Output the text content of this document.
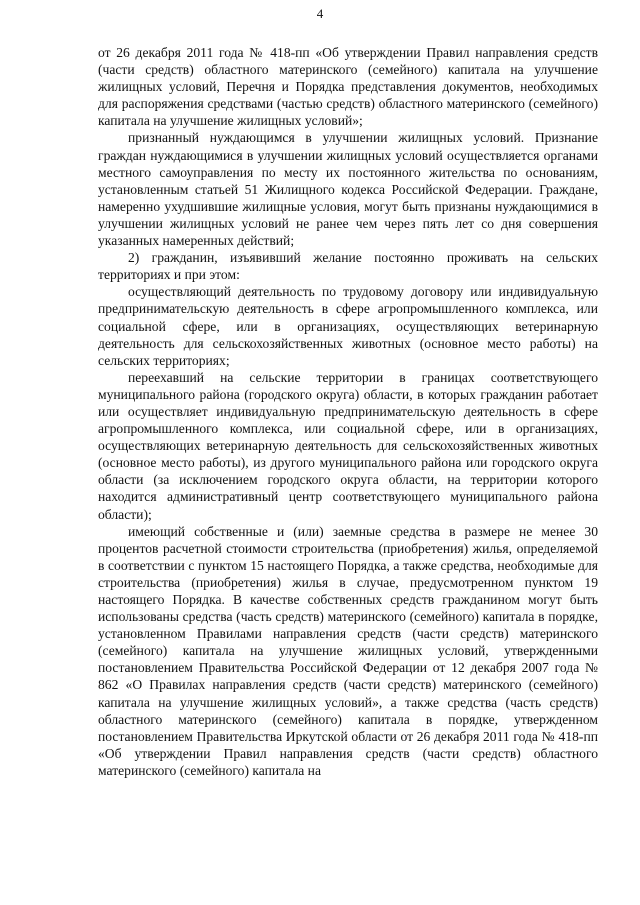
4

от 26 декабря 2011 года № 418-пп «Об утверждении Правил направления средств (части средств) областного материнского (семейного) капитала на улучшение жилищных условий, Перечня и Порядка представления документов, необходимых для распоряжения средствами (частью средств) областного материнского (семейного) капитала на улучшение жилищных условий»;

признанный нуждающимся в улучшении жилищных условий. Признание граждан нуждающимися в улучшении жилищных условий осуществляется органами местного самоуправления по месту их постоянного жительства по основаниям, установленным статьей 51 Жилищного кодекса Российской Федерации. Граждане, намеренно ухудшившие жилищные условия, могут быть признаны нуждающимися в улучшении жилищных условий не ранее чем через пять лет со дня совершения указанных намеренных действий;

2) гражданин, изъявивший желание постоянно проживать на сельских территориях и при этом:

осуществляющий деятельность по трудовому договору или индивидуальную предпринимательскую деятельность в сфере агропромышленного комплекса, или социальной сфере, или в организациях, осуществляющих ветеринарную деятельность для сельскохозяйственных животных (основное место работы) на сельских территориях;

переехавший на сельские территории в границах соответствующего муниципального района (городского округа) области, в которых гражданин работает или осуществляет индивидуальную предпринимательскую деятельность в сфере агропромышленного комплекса, или социальной сфере, или в организациях, осуществляющих ветеринарную деятельность для сельскохозяйственных животных (основное место работы), из другого муниципального района или городского округа области (за исключением городского округа области, на территории которого находится административный центр соответствующего муниципального района области);

имеющий собственные и (или) заемные средства в размере не менее 30 процентов расчетной стоимости строительства (приобретения) жилья, определяемой в соответствии с пунктом 15 настоящего Порядка, а также средства, необходимые для строительства (приобретения) жилья в случае, предусмотренном пунктом 19 настоящего Порядка. В качестве собственных средств гражданином могут быть использованы средства (часть средств) материнского (семейного) капитала в порядке, установленном Правилами направления средств (части средств) материнского (семейного) капитала на улучшение жилищных условий, утвержденными постановлением Правительства Российской Федерации от 12 декабря 2007 года № 862 «О Правилах направления средств (части средств) материнского (семейного) капитала на улучшение жилищных условий», а также средства (часть средств) областного материнского (семейного) капитала в порядке, утвержденном постановлением Правительства Иркутской области от 26 декабря 2011 года № 418-пп «Об утверждении Правил направления средств (части средств) областного материнского (семейного) капитала на
